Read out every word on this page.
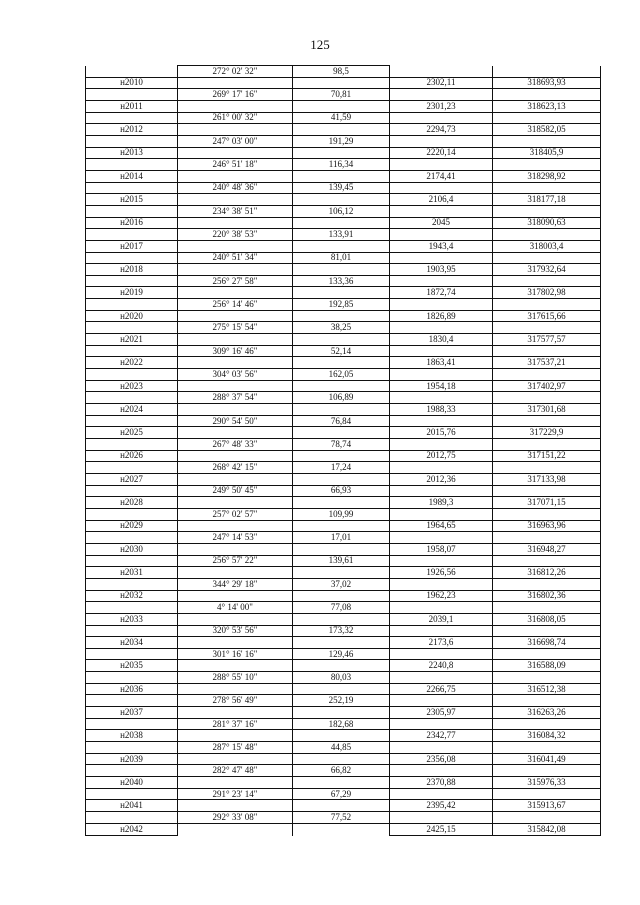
125
	272° 02' 32"	98,5		
н2010			2302,11	318693,93
	269° 17' 16"	70,81		
н2011			2301,23	318623,13
	261° 00' 32"	41,59		
н2012			2294,73	318582,05
	247° 03' 00"	191,29		
н2013			2220,14	318405,9
	246° 51' 18"	116,34		
н2014			2174,41	318298,92
	240° 48' 36"	139,45		
н2015			2106,4	318177,18
	234° 38' 51"	106,12		
н2016			2045	318090,63
	220° 38' 53"	133,91		
н2017			1943,4	318003,4
	240° 51' 34"	81,01		
н2018			1903,95	317932,64
	256° 27' 58"	133,36		
н2019			1872,74	317802,98
	256° 14' 46"	192,85		
н2020			1826,89	317615,66
	275° 15' 54"	38,25		
н2021			1830,4	317577,57
	309° 16' 46"	52,14		
н2022			1863,41	317537,21
	304° 03' 56"	162,05		
н2023			1954,18	317402,97
	288° 37' 54"	106,89		
н2024			1988,33	317301,68
	290° 54' 50"	76,84		
н2025			2015,76	317229,9
	267° 48' 33"	78,74		
н2026			2012,75	317151,22
	268° 42' 15"	17,24		
н2027			2012,36	317133,98
	249° 50' 45"	66,93		
н2028			1989,3	317071,15
	257° 02' 57"	109,99		
н2029			1964,65	316963,96
	247° 14' 53"	17,01		
н2030			1958,07	316948,27
	256° 57' 22"	139,61		
н2031			1926,56	316812,26
	344° 29' 18"	37,02		
н2032			1962,23	316802,36
	4° 14' 00"	77,08		
н2033			2039,1	316808,05
	320° 53' 56"	173,32		
н2034			2173,6	316698,74
	301° 16' 16"	129,46		
н2035			2240,8	316588,09
	288° 55' 10"	80,03		
н2036			2266,75	316512,38
	278° 56' 49"	252,19		
н2037			2305,97	316263,26
	281° 37' 16"	182,68		
н2038			2342,77	316084,32
	287° 15' 48"	44,85		
н2039			2356,08	316041,49
	282° 47' 48"	66,82		
н2040			2370,88	315976,33
	291° 23' 14"	67,29		
н2041			2395,42	315913,67
	292° 33' 08"	77,52		
н2042			2425,15	315842,08
